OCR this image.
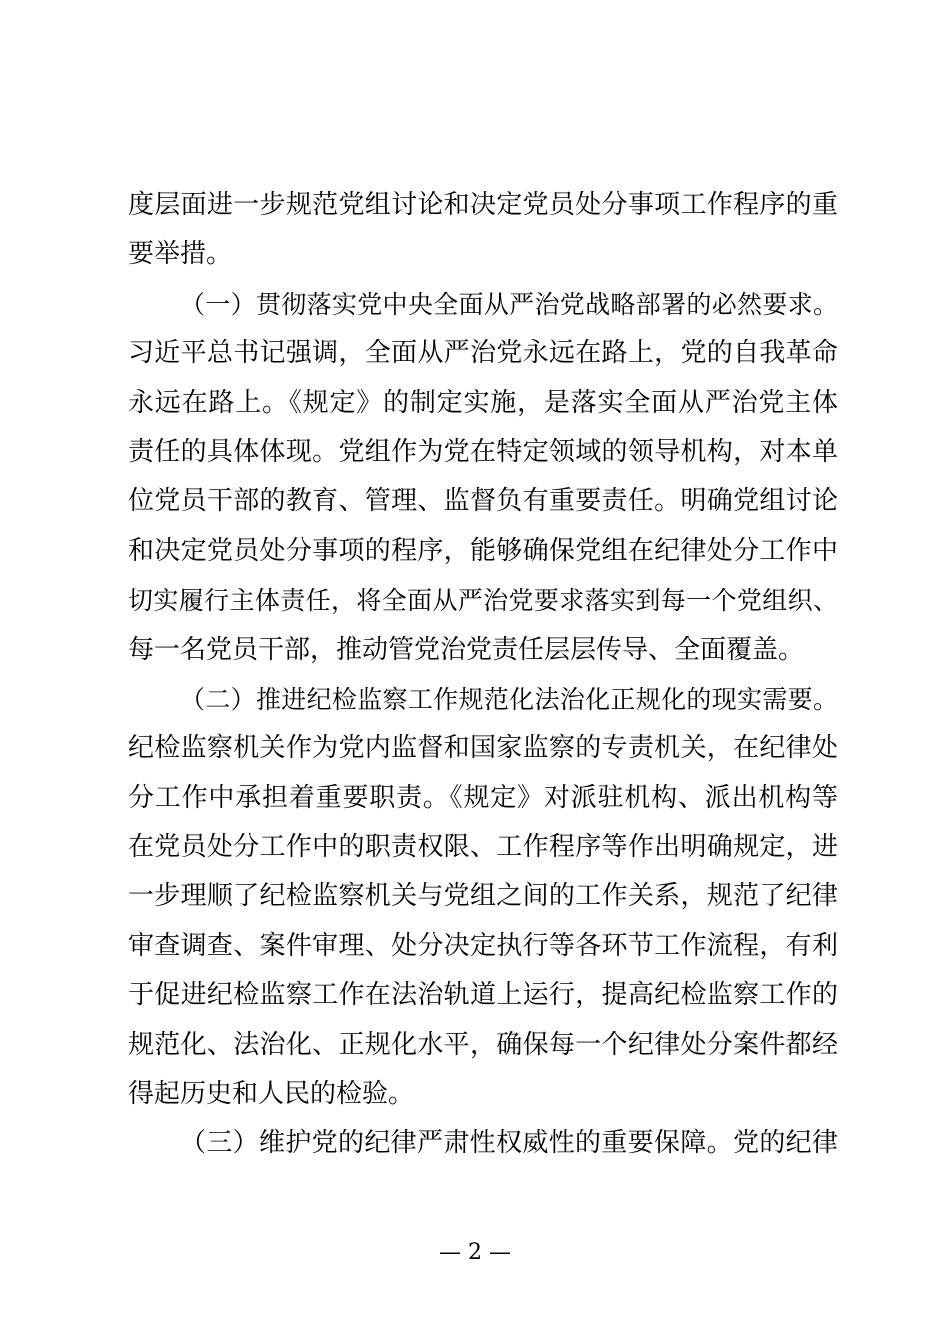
度层面进一步规范党组讨论和决定党员处分事项工作程序的重
要举措。
（一）贯彻落实党中央全面从严治党战略部署的必然要求。
习近平总书记强调，全面从严治党永远在路上，党的自我革命
永远在路上。《规定》的制定实施，是落实全面从严治党主体
责任的具体体现。党组作为党在特定领域的领导机构，对本单
位党员干部的教育、管理、监督负有重要责任。明确党组讨论
和决定党员处分事项的程序，能够确保党组在纪律处分工作中
切实履行主体责任，将全面从严治党要求落实到每一个党组织、
每一名党员干部，推动管党治党责任层层传导、全面覆盖。
（二）推进纪检监察工作规范化法治化正规化的现实需要。
纪检监察机关作为党内监督和国家监察的专责机关，在纪律处
分工作中承担着重要职责。《规定》对派驻机构、派出机构等
在党员处分工作中的职责权限、工作程序等作出明确规定，进
一步理顺了纪检监察机关与党组之间的工作关系，规范了纪律
审查调查、案件审理、处分决定执行等各环节工作流程，有利
于促进纪检监察工作在法治轨道上运行，提高纪检监察工作的
规范化、法治化、正规化水平，确保每一个纪律处分案件都经
得起历史和人民的检验。
（三）维护党的纪律严肃性权威性的重要保障。党的纪律
— 2 —
